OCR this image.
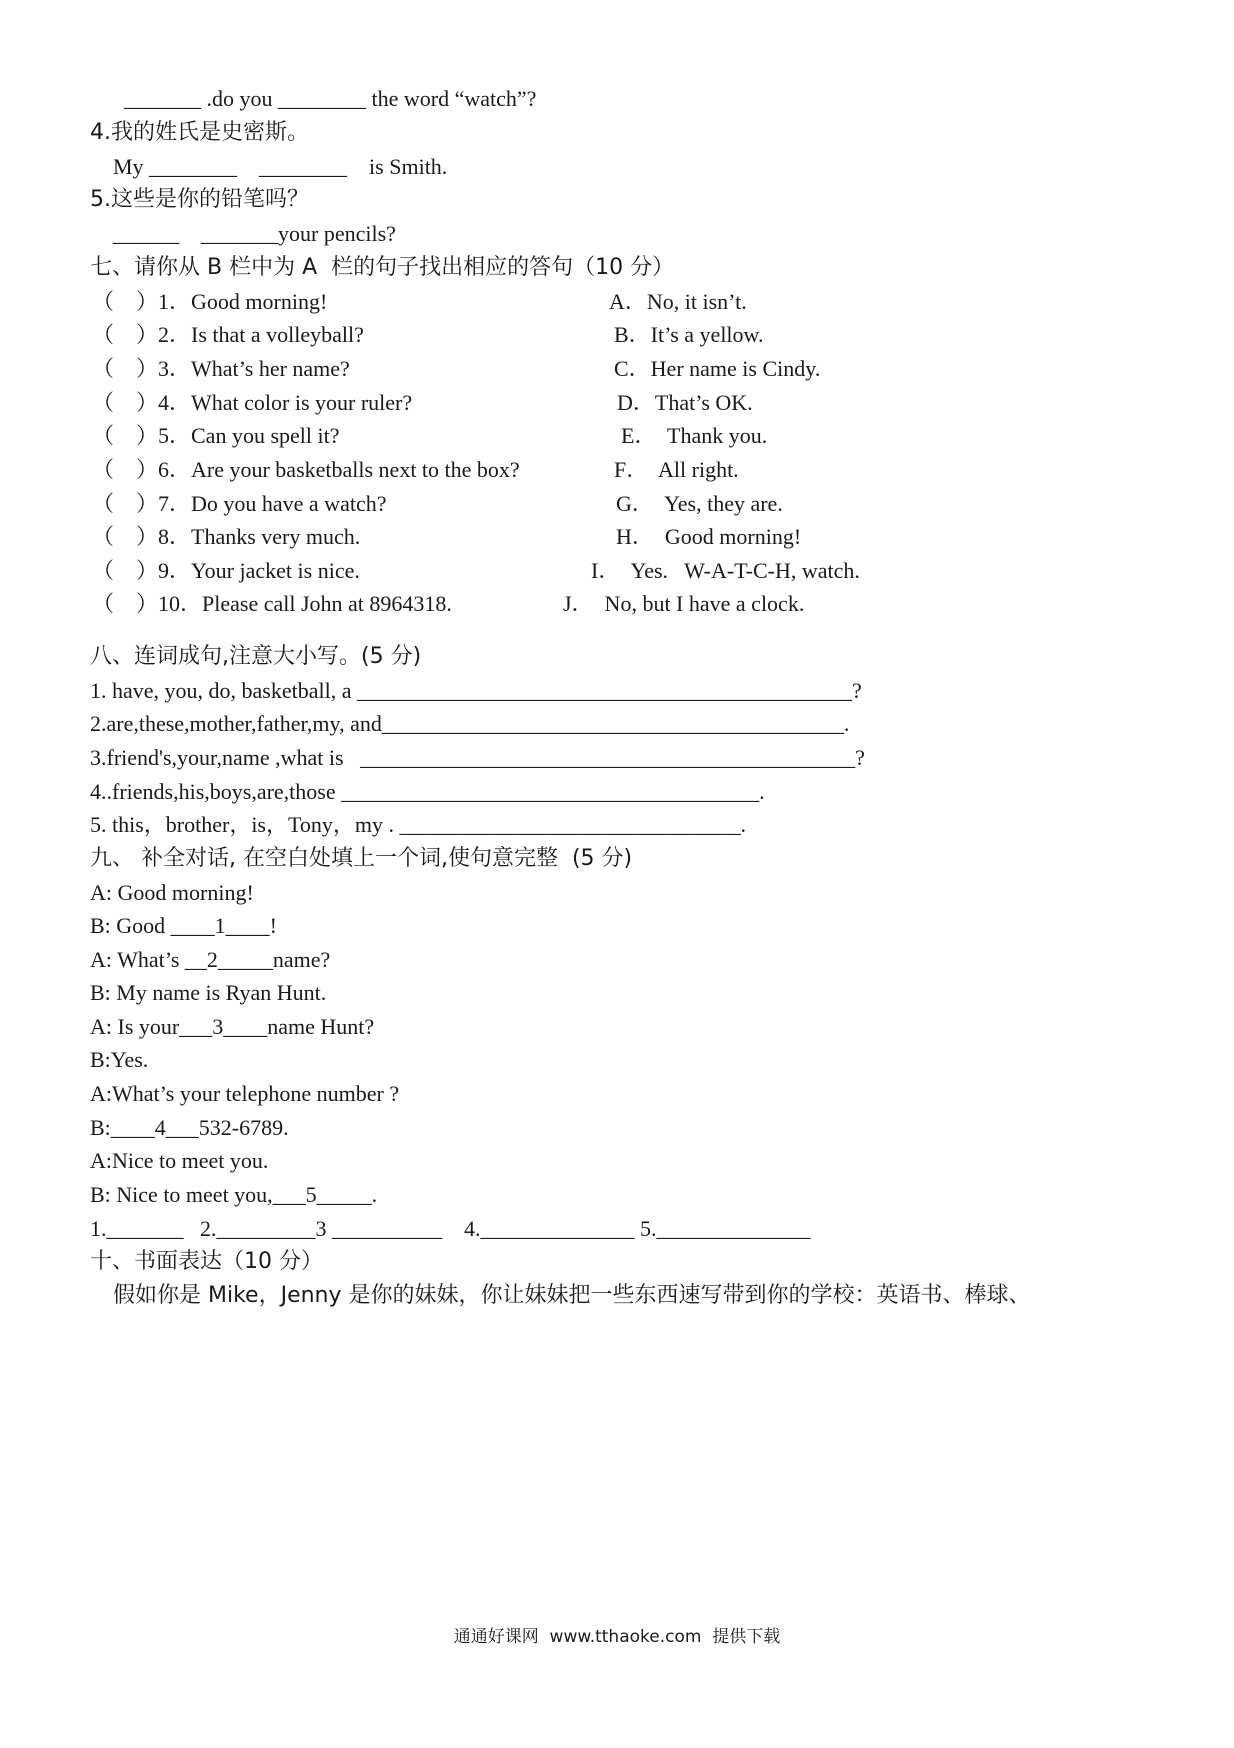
_______ .do you ________ the word “watch”?
4.我的姓氏是史密斯。
My ________    ________    is Smith.
5.这些是你的铅笔吗？
______    _______your pencils?
七、请你从 B 栏中为 A  栏的句子找出相应的答句（10 分）
（    ）1．Good morning!
（    ）2．Is that a volleyball?
（    ）3．What’s her name?
（    ）4．What color is your ruler?
（    ）5．Can you spell it?
（    ）6．Are your basketballs next to the box?
（    ）7．Do you have a watch?
（    ）8．Thanks very much.
（    ）9．Your jacket is nice.
（    ）10．Please call John at 8964318.
A．No, it isn’t.
B．It’s a yellow.
C．Her name is Cindy.
D．That’s OK.
E．  Thank you.
F．  All right.
G．  Yes, they are.
H．  Good morning!
I．  Yes.   W-A-T-C-H, watch.
J．  No, but I have a clock.
八、连词成句,注意大小写。(5 分)
1. have, you, do, basketball, a _____________________________________________?
2.are,these,mother,father,my, and__________________________________________.
3.friend's,your,name ,what is   _____________________________________________?
4..friends,his,boys,are,those ______________________________________.
5. this，brother，is，Tony，my . _______________________________.
九、 补全对话, 在空白处填上一个词,使句意完整  (5 分)
A: Good morning!
B: Good ____1____!
A: What’s __2_____name?
B: My name is Ryan Hunt.
A: Is your___3____name Hunt?
B:Yes.
A:What’s your telephone number ?
B:____4___532-6789.
A:Nice to meet you.
B: Nice to meet you,___5_____.
1._______   2._________3 __________    4.______________ 5.______________
十、书面表达（10 分）
假如你是 Mike，Jenny 是你的妹妹，你让妹妹把一些东西速写带到你的学校：英语书、棒球、
通通好课网  www.tthaoke.com  提供下载
